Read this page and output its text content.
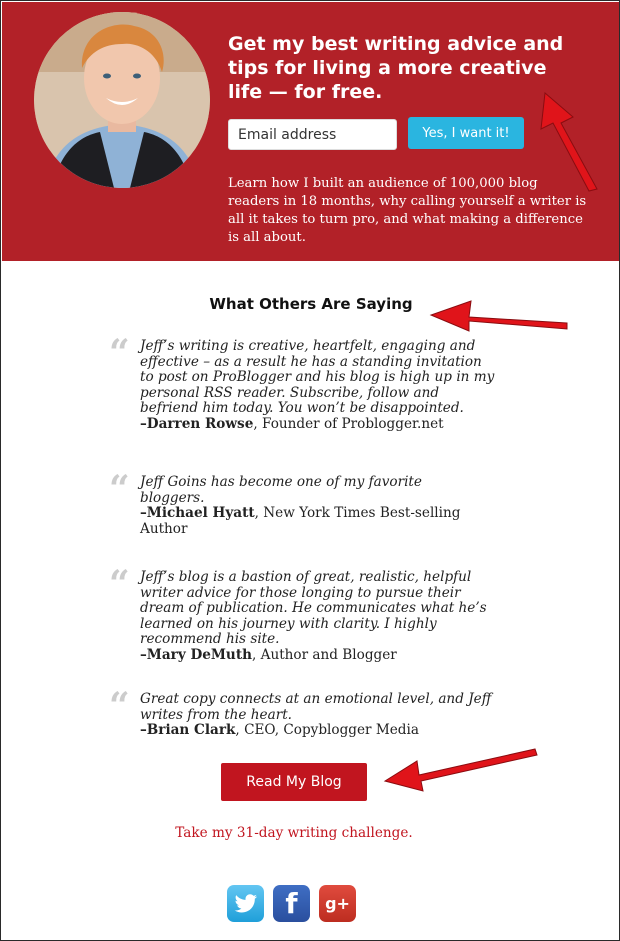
Get my best writing advice and tips for living a more creative life — for free.
Email address
Yes, I want it!
Learn how I built an audience of 100,000 blog readers in 18 months, why calling yourself a writer is all it takes to turn pro, and what making a difference is all about.
What Others Are Saying
“ Jeff’s writing is creative, heartfelt, engaging and effective – as a result he has a standing invitation to post on ProBlogger and his blog is high up in my personal RSS reader. Subscribe, follow and befriend him today. You won’t be disappointed.
–Darren Rowse, Founder of Problogger.net
“ Jeff Goins has become one of my favorite bloggers.
–Michael Hyatt, New York Times Best-selling Author
“ Jeff’s blog is a bastion of great, realistic, helpful writer advice for those longing to pursue their dream of publication. He communicates what he’s learned on his journey with clarity. I highly recommend his site.
–Mary DeMuth, Author and Blogger
“ Great copy connects at an emotional level, and Jeff writes from the heart.
–Brian Clark, CEO, Copyblogger Media
Read My Blog
Take my 31-day writing challenge.
f g+
